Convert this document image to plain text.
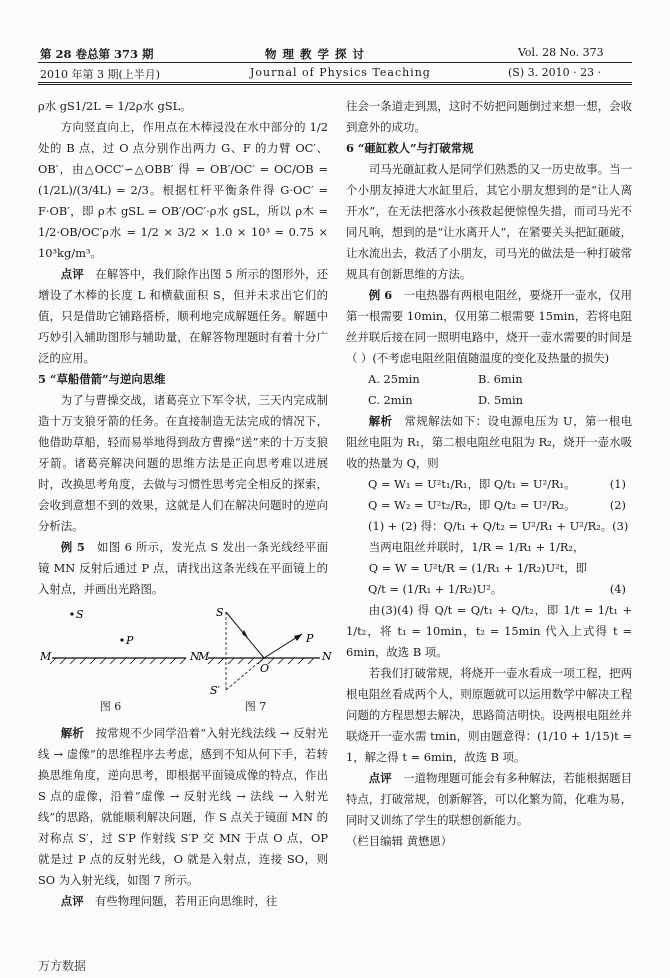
第 28 卷总第 373 期
2010 年第 3 期(上半月)
物 理 教 学 探 讨
Journal of Physics Teaching
Vol. 28 No. 373
(S) 3. 2010 · 23 ·

ρ水 gS1/2L = 1/2ρ水 gSL。

方向竖直向上，作用点在木棒浸没在水中部分的 1/2 处的 B 点，过 O 点分别作出两力 G、F 的力臂 OC′、OB′，由△OCC′∽△OBB′ 得 = OB′/OC′ = OC/OB = (1/2L)/(3/4L) = 2/3。根据杠杆平衡条件得 G·OC′ = F·OB′，即 ρ木 gSL = OB′/OC′·ρ水 gSL，所以 ρ木 = 1/2·OB/OC′ρ水 = 1/2 × 3/2 × 1.0 × 10³ = 0.75 × 10³kg/m³。

点评　 在解答中，我们除作出图 5 所示的图形外，还增设了木棒的长度 L 和横截面积 S，但并未求出它们的值，只是借助它铺路搭桥，顺利地完成解题任务。解题中巧妙引入辅助图形与辅助量，在解答物理题时有着十分广泛的应用。

5 “草船借箭”与逆向思维

为了与曹操交战，诸葛亮立下军令状，三天内完成制造十万支狼牙箭的任务。在直接制造无法完成的情况下，他借助草船，轻而易举地得到敌方曹操“送”来的十万支狼牙箭。诸葛亮解决问题的思维方法是正向思考难以进展时，改换思考角度，去做与习惯性思考完全相反的探索，会收到意想不到的效果，这就是人们在解决问题时的逆向分析法。

例 5　 如图 6 所示，发光点 S 发出一条光线经平面镜 MN 反射后通过 P 点，请找出这条光线在平面镜上的入射点，并画出光路图。

S
P
M	N
S
P
M	N
O
S′
图 6	图 7

解析　 按常规不少同学沿着“入射光线法线 → 反射光线 → 虚像”的思维程序去考虑，感到不知从何下手，若转换思维角度，逆向思考，即根据平面镜成像的特点，作出 S 点的虚像，沿着“虚像 → 反射光线 → 法线 → 入射光线”的思路，就能顺利解决问题，作 S 点关于镜面 MN 的对称点 S′，过 S′P 作射线 S′P 交 MN 于点 O 点，OP 就是过 P 点的反射光线，O 就是入射点，连接 SO，则 SO 为入射光线，如图 7 所示。

点评　 有些物理问题，若用正向思维时，往

往会一条道走到黑，这时不妨把问题倒过来想一想，会收到意外的成功。

6 “砸缸救人”与打破常规

司马光砸缸救人是同学们熟悉的又一历史故事。当一个小朋友掉进大水缸里后，其它小朋友想到的是“让人离开水”，在无法把落水小孩救起便惊惶失措，而司马光不同凡响，想到的是“让水离开人”，在紧要关头把缸砸破，让水流出去，救活了小朋友，司马光的做法是一种打破常规具有创新思维的方法。

例 6　 一电热器有两根电阻丝，要烧开一壶水，仅用第一根需要 10min，仅用第二根需要 15min，若将电阻丝并联后接在同一照明电路中，烧开一壶水需要的时间是（ ）(不考虑电阻丝阻值随温度的变化及热量的损失)

A. 25min	B. 6min
C. 2min	D. 5min

解析　 常规解法如下：设电源电压为 U，第一根电阻丝电阻为 R₁，第二根电阻丝电阻为 R₂，烧开一壶水吸收的热量为 Q，则

Q = W₁ = U²t₁/R₁，即 Q/t₁ = U²/R₁。	(1)
Q = W₂ = U²t₂/R₂，即 Q/t₂ = U²/R₂。	(2)
(1) + (2) 得：Q/t₁ + Q/t₂ = U²/R₁ + U²/R₂。 (3)

当两电阻丝并联时，1/R = 1/R₁ + 1/R₂，

Q = W = U²t/R = (1/R₁ + 1/R₂)U²t，即

Q/t = (1/R₁ + 1/R₂)U²。	(4)

由(3)(4) 得 Q/t = Q/t₁ + Q/t₂，即 1/t = 1/t₁ + 1/t₂，将 t₁ = 10min，t₂ = 15min 代入上式得 t = 6min，故选 B 项。

若我们打破常规，将烧开一壶水看成一项工程，把两根电阻丝看成两个人，则原题就可以运用数学中解决工程问题的方程思想去解决，思路简洁明快。设两根电阻丝并联烧开一壶水需 tmin，则由题意得：(1/10 + 1/15)t = 1，解之得 t = 6min，故选 B 项。

点评　 一道物理题可能会有多种解法，若能根据题目特点，打破常规，创新解答，可以化繁为简，化难为易，同时又训练了学生的联想创新能力。

（栏目编辑 黄懋恩）

万方数据
